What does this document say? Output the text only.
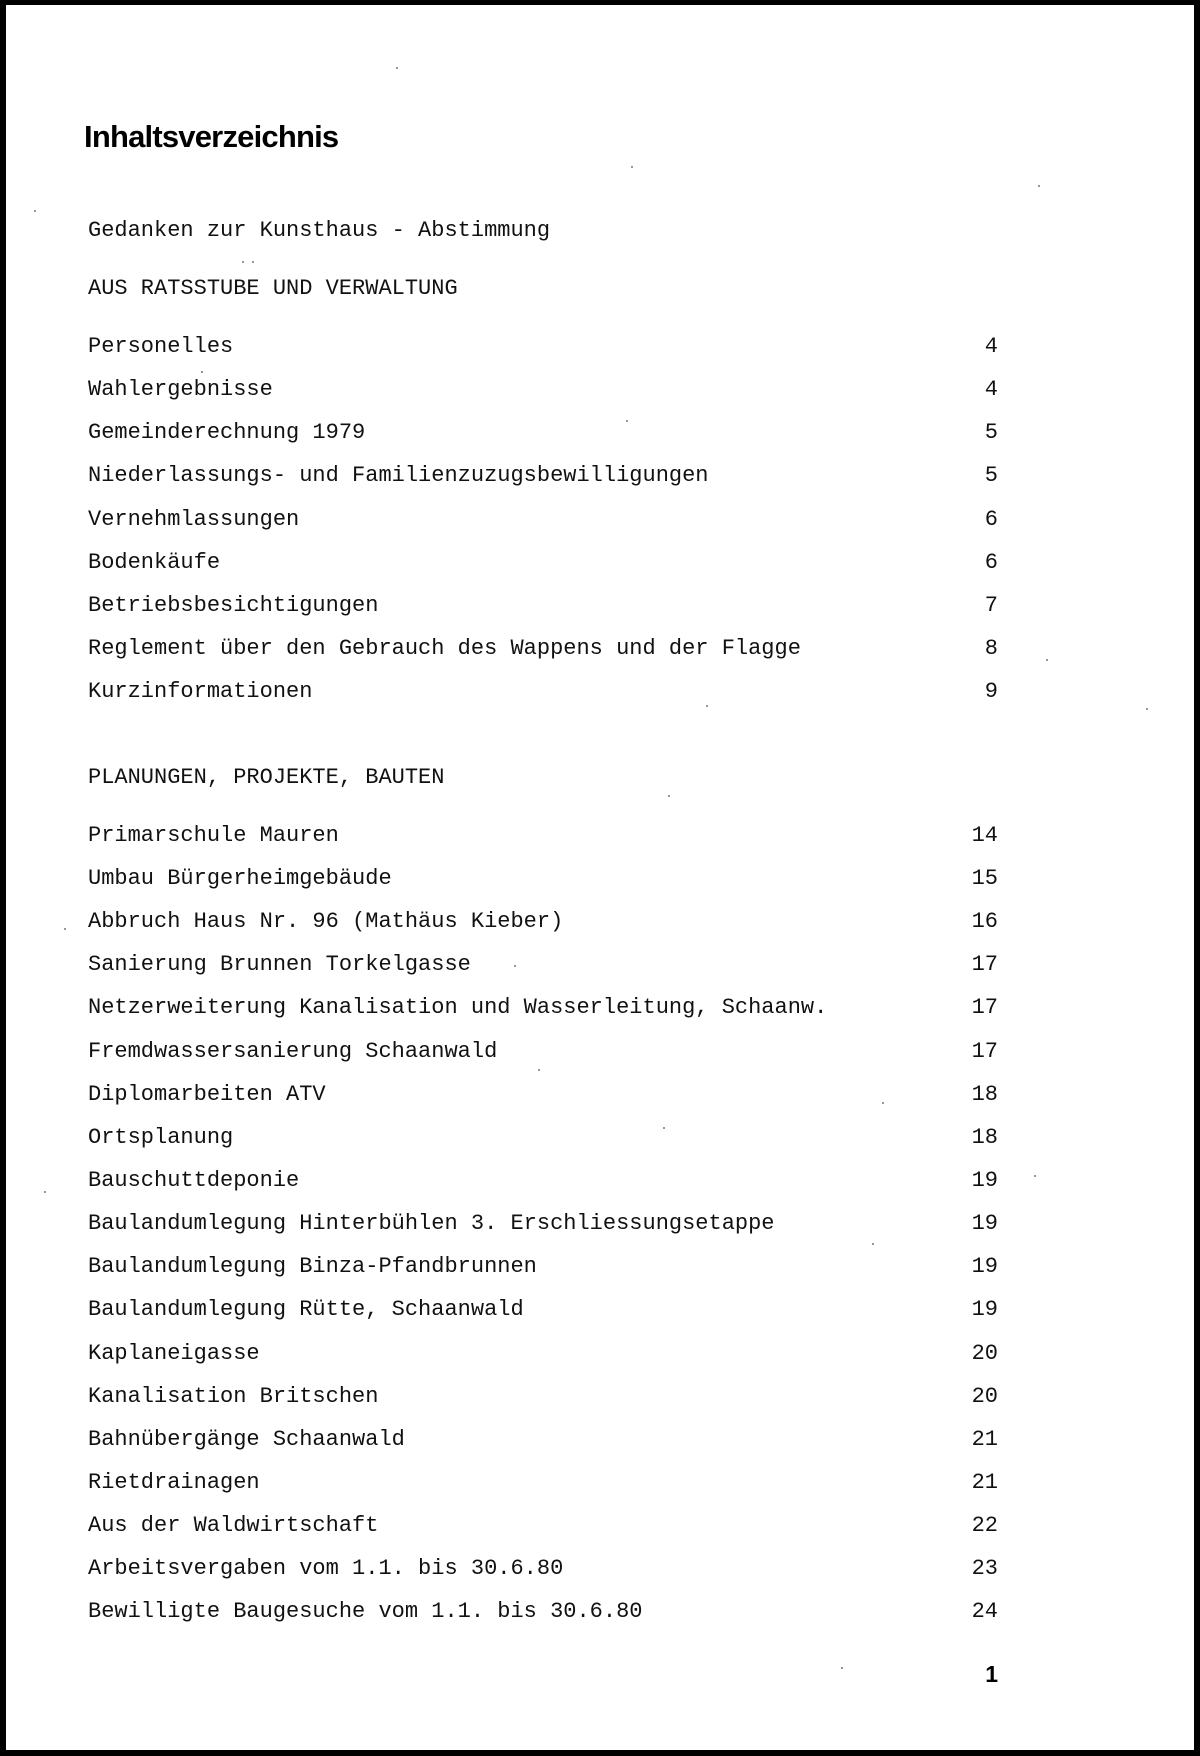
Inhaltsverzeichnis
Gedanken zur Kunsthaus - Abstimmung
AUS RATSSTUBE UND VERWALTUNG
Personelles	4
Wahlergebnisse	4
Gemeinderechnung 1979	5
Niederlassungs- und Familienzuzugsbewilligungen	5
Vernehmlassungen	6
Bodenkäufe	6
Betriebsbesichtigungen	7
Reglement über den Gebrauch des Wappens und der Flagge	8
Kurzinformationen	9
PLANUNGEN, PROJEKTE, BAUTEN
Primarschule Mauren	14
Umbau Bürgerheimgebäude	15
Abbruch Haus Nr. 96 (Mathäus Kieber)	16
Sanierung Brunnen Torkelgasse	17
Netzerweiterung Kanalisation und Wasserleitung, Schaanw.	17
Fremdwassersanierung Schaanwald	17
Diplomarbeiten ATV	18
Ortsplanung	18
Bauschuttdeponie	19
Baulandumlegung Hinterbühlen 3. Erschliessungsetappe	19
Baulandumlegung Binza-Pfandbrunnen	19
Baulandumlegung Rütte, Schaanwald	19
Kaplaneigasse	20
Kanalisation Britschen	20
Bahnübergänge Schaanwald	21
Rietdrainagen	21
Aus der Waldwirtschaft	22
Arbeitsvergaben vom 1.1. bis 30.6.80	23
Bewilligte Baugesuche vom 1.1. bis 30.6.80	24
1
